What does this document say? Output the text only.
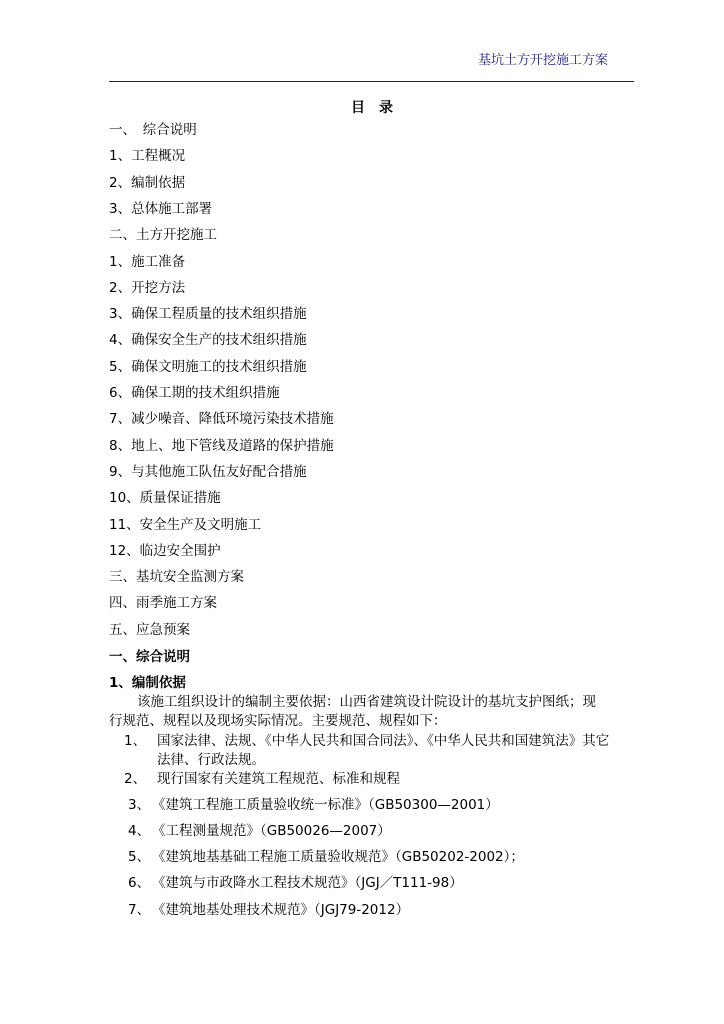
基坑土方开挖施工方案
目录
一、　综合说明
1、工程概况
2、编制依据
3、总体施工部署
二、土方开挖施工
1、施工准备
2、开挖方法
3、确保工程质量的技术组织措施
4、确保安全生产的技术组织措施
5、确保文明施工的技术组织措施
6、确保工期的技术组织措施
7、减少噪音、降低环境污染技术措施
8、地上、地下管线及道路的保护措施
9、与其他施工队伍友好配合措施
10、质量保证措施
11、安全生产及文明施工
12、临边安全围护
三、基坑安全监测方案
四、雨季施工方案
五、应急预案
一、综合说明
1、编制依据
该施工组织设计的编制主要依据：山西省建筑设计院设计的基坑支护图纸；现
行规范、规程以及现场实际情况。主要规范、规程如下：
1、 国家法律、法规、《中华人民共和国合同法》、《中华人民共和国建筑法》其它
法律、行政法规。
2、 现行国家有关建筑工程规范、标准和规程
3、 《建筑工程施工质量验收统一标准》（GB50300—2001）
4、 《工程测量规范》（GB50026—2007）
5、 《建筑地基基础工程施工质量验收规范》（GB50202-2002）；
6、 《建筑与市政降水工程技术规范》（JGJ／T111-98）
7、 《建筑地基处理技术规范》（JGJ79-2012）
